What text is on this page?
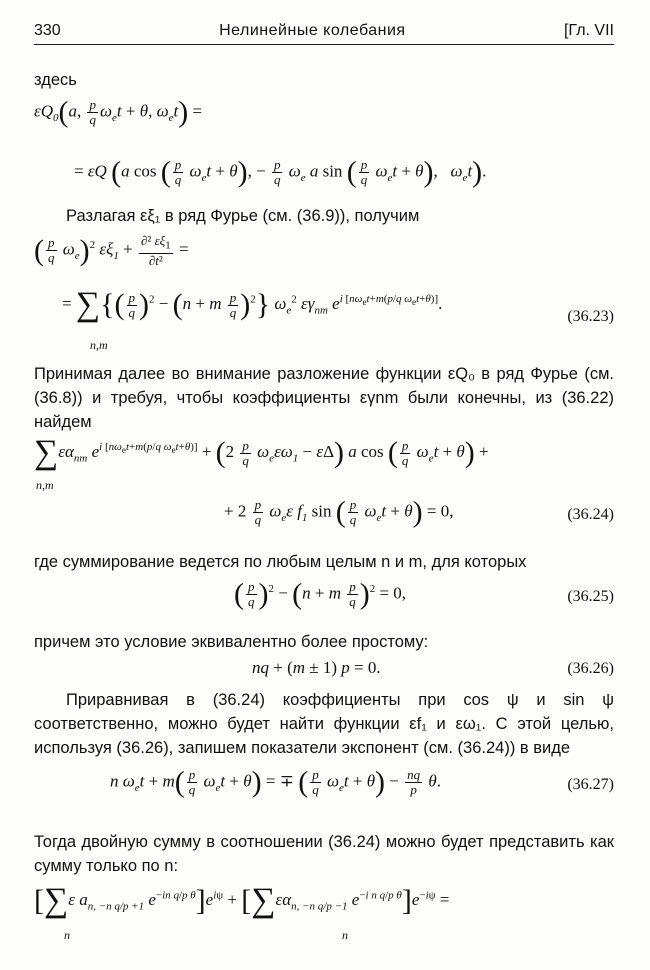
330	Нелинейные колебания	[Гл. VII
здесь
$\varepsilon Q_0(a$, $\frac{p}{q} \omega_et + \theta$, $\omega_et$) =
= εQ (a cos ( $\frac{p}{q} \omega_et + \theta$), − $\frac{p}{q} \omega_e$ a sin ( $\frac{p}{q} \omega_et + \theta$),   $\omega_et$).
Разлагая εξ₁ в ряд Фурье (см. (36.9)), получим
( $\frac{p}{q} \omega_e)^2$ $\varepsilon\xi_1 + \frac{\partial^2 \varepsilon\xi_1}{\text{∂t²}}$ =
= ∑{( $\frac{p}{q} )^2 - (n + m \frac{p}{q} )^2$} $\omega_e^2$ $\varepsilon\gamma_{nm}$ $e^{i [n\omega_et+m(p/q \omega_et+\theta)]}$.
n,m
(36.23)
Принимая далее во внимание разложение функции εQ₀ в ряд Фурье (см. (36.8)) и требуя, чтобы коэффициенты εγnm были конечны, из (36.22) найдем
$\sum\varepsilon\alpha_{nm}$ $e^{i [n\omega_et+m(p/q \omega_et+\theta)]} + (2 \frac{p}{q} \omega_e\varepsilon\omega_1 - \varepsilon\Delta)$ a cos ( $\frac{p}{q} \omega_et + \theta$) +
n,m
+ $2 \frac{p}{q} \omega_e\varepsilon$ $f_1$ sin ( $\frac{p}{q} \omega_et + \theta) = 0$,	(36.24)
где суммирование ведется по любым целым n и m, для которых
( $\frac{p}{q} )^2 - (n + m \frac{p}{q} )^2 = 0$,	(36.25)
причем это условие эквивалентно более простому:
nq + (m ± 1) p = 0.	(36.26)
Приравнивая в (36.24) коэффициенты при cos ψ и sin ψ соответственно, можно будет найти функции εf₁ и εω₁. С этой целью, используя (36.26), запишем показатели экспонент (см. (36.24)) в виде
n $\omega_et + m( \frac{p}{q} \omega_et + \theta)$ = ∓ ( $\frac{p}{q} \omega_et + \theta) - \frac{nq}{p} \theta$.	(36.27)
Тогда двойную сумму в соотношении (36.24) можно будет представить как сумму только по n:
[∑ε $a_{n, -n q/p +1}$ $e^{-in q/p \theta}]e^{i\psi} + [\sum\varepsilon\alpha_{n, -n q/p -1}$ $e^{-i n q/p \theta}]e^{-i\psi}$ =
n	n
